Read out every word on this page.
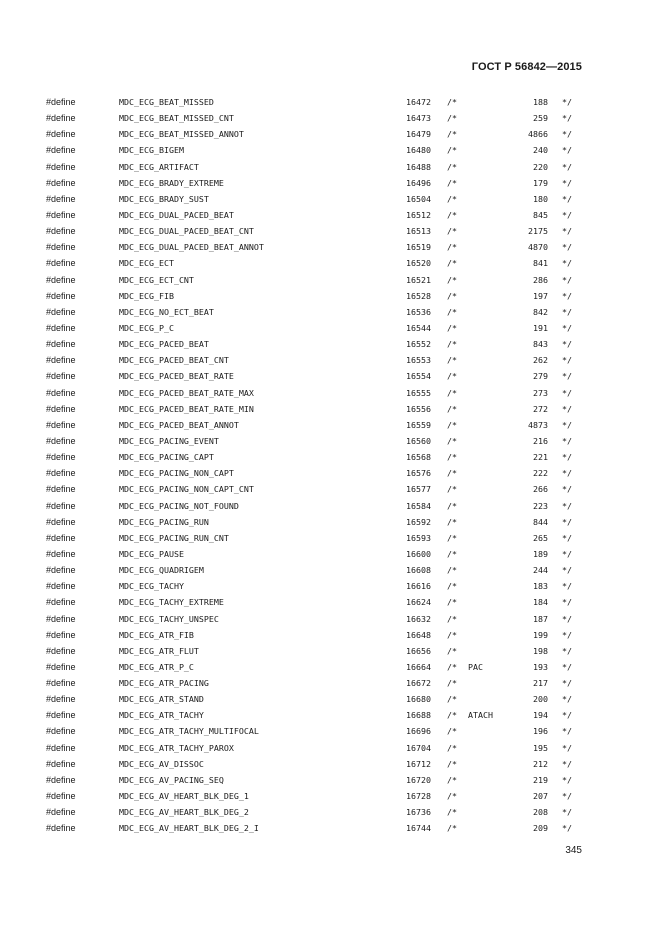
ГОСТ Р 56842—2015
#define	MDC_ECG_BEAT_MISSED	16472 /*	188 */
#define	MDC_ECG_BEAT_MISSED_CNT	16473 /*	259 */
#define	MDC_ECG_BEAT_MISSED_ANNOT	16479 /*	4866 */
#define	MDC_ECG_BIGEM	16480 /*	240 */
#define	MDC_ECG_ARTIFACT	16488 /*	220 */
#define	MDC_ECG_BRADY_EXTREME	16496 /*	179 */
#define	MDC_ECG_BRADY_SUST	16504 /*	180 */
#define	MDC_ECG_DUAL_PACED_BEAT	16512 /*	845 */
#define	MDC_ECG_DUAL_PACED_BEAT_CNT	16513 /*	2175 */
#define	MDC_ECG_DUAL_PACED_BEAT_ANNOT	16519 /*	4870 */
#define	MDC_ECG_ECT	16520 /*	841 */
#define	MDC_ECG_ECT_CNT	16521 /*	286 */
#define	MDC_ECG_FIB	16528 /*	197 */
#define	MDC_ECG_NO_ECT_BEAT	16536 /*	842 */
#define	MDC_ECG_P_C	16544 /*	191 */
#define	MDC_ECG_PACED_BEAT	16552 /*	843 */
#define	MDC_ECG_PACED_BEAT_CNT	16553 /*	262 */
#define	MDC_ECG_PACED_BEAT_RATE	16554 /*	279 */
#define	MDC_ECG_PACED_BEAT_RATE_MAX	16555 /*	273 */
#define	MDC_ECG_PACED_BEAT_RATE_MIN	16556 /*	272 */
#define	MDC_ECG_PACED_BEAT_ANNOT	16559 /*	4873 */
#define	MDC_ECG_PACING_EVENT	16560 /*	216 */
#define	MDC_ECG_PACING_CAPT	16568 /*	221 */
#define	MDC_ECG_PACING_NON_CAPT	16576 /*	222 */
#define	MDC_ECG_PACING_NON_CAPT_CNT	16577 /*	266 */
#define	MDC_ECG_PACING_NOT_FOUND	16584 /*	223 */
#define	MDC_ECG_PACING_RUN	16592 /*	844 */
#define	MDC_ECG_PACING_RUN_CNT	16593 /*	265 */
#define	MDC_ECG_PAUSE	16600 /*	189 */
#define	MDC_ECG_QUADRIGEM	16608 /*	244 */
#define	MDC_ECG_TACHY	16616 /*	183 */
#define	MDC_ECG_TACHY_EXTREME	16624 /*	184 */
#define	MDC_ECG_TACHY_UNSPEC	16632 /*	187 */
#define	MDC_ECG_ATR_FIB	16648 /*	199 */
#define	MDC_ECG_ATR_FLUT	16656 /*	198 */
#define	MDC_ECG_ATR_P_C	16664 /* PAC	193 */
#define	MDC_ECG_ATR_PACING	16672 /*	217 */
#define	MDC_ECG_ATR_STAND	16680 /*	200 */
#define	MDC_ECG_ATR_TACHY	16688 /* ATACH	194 */
#define	MDC_ECG_ATR_TACHY_MULTIFOCAL	16696 /*	196 */
#define	MDC_ECG_ATR_TACHY_PAROX	16704 /*	195 */
#define	MDC_ECG_AV_DISSOC	16712 /*	212 */
#define	MDC_ECG_AV_PACING_SEQ	16720 /*	219 */
#define	MDC_ECG_AV_HEART_BLK_DEG_1	16728 /*	207 */
#define	MDC_ECG_AV_HEART_BLK_DEG_2	16736 /*	208 */
#define	MDC_ECG_AV_HEART_BLK_DEG_2_I	16744 /*	209 */
345
